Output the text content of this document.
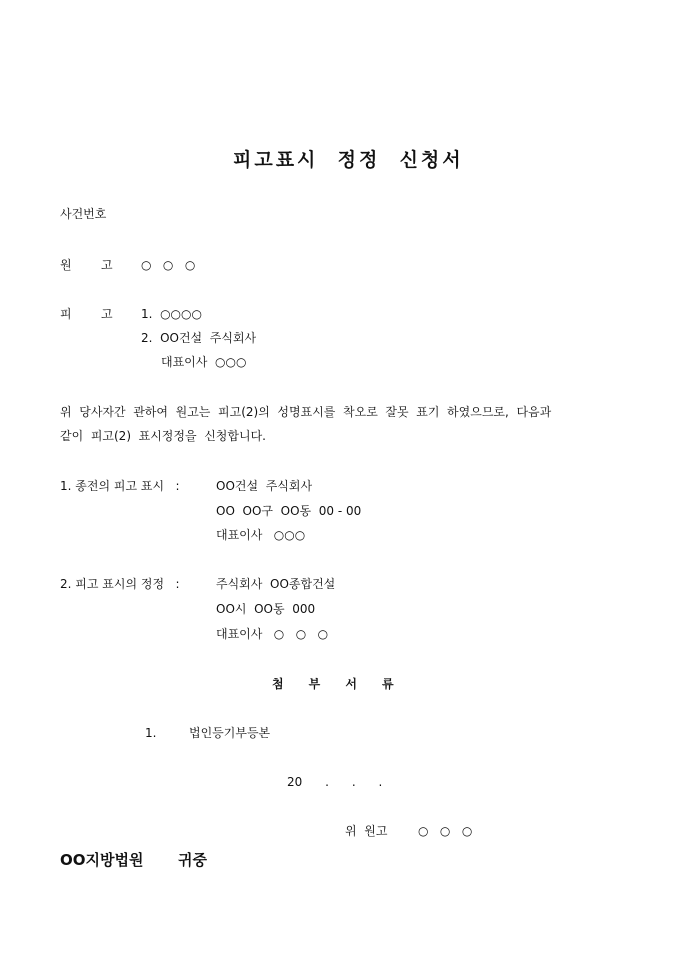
피고표시  정정  신청서
사건번호
원 고 ○   ○   ○
피 고 1.  ○○○○
2.  OO건설  주식회사
대표이사  ○○○
위  당사자간  관하여  원고는  피고(2)의  성명표시를  착오로  잘못  표기  하였으므로,  다음과
같이  피고(2)  표시정정을  신청합니다.
1. 종전의 피고 표시   :	OO건설  주식회사
OO  OO구  OO동  00 - 00
대표이사   ○○○
2. 피고 표시의 정정   :	주식회사  OO종합건설
OO시  OO동  000
대표이사   ○   ○   ○
첨      부      서      류
1.	법인등기부등본
20      .      .      .
위  원고	○   ○   ○
OO지방법원 귀중
